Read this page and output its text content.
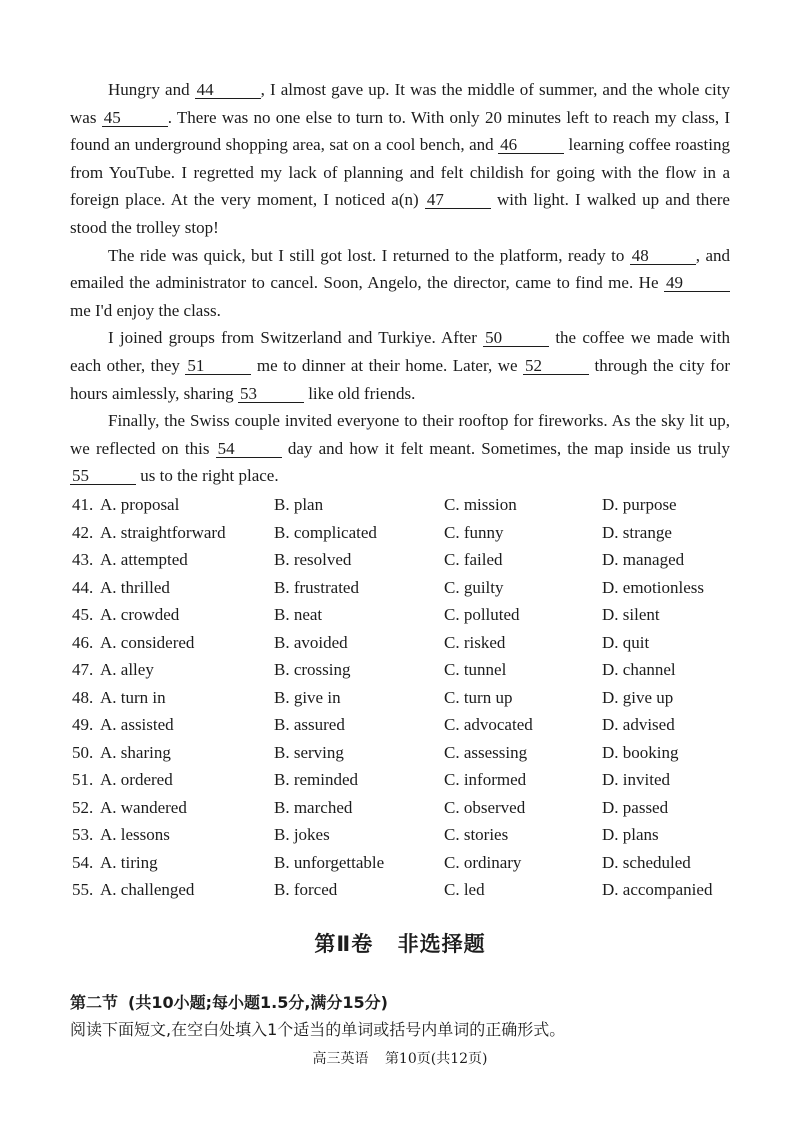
Hungry and 44	, I almost gave up. It was the middle of summer, and the whole city was 45	. There was no one else to turn to. With only 20 minutes left to reach my class, I found an underground shopping area, sat on a cool bench, and 46	learning coffee roasting from YouTube. I regretted my lack of planning and felt childish for going with the flow in a foreign place. At the very moment, I noticed a(n) 47	with light. I walked up and there stood the trolley stop!

The ride was quick, but I still got lost. I returned to the platform, ready to 48	, and emailed the administrator to cancel. Soon, Angelo, the director, came to find me. He 49 me I'd enjoy the class.

I joined groups from Switzerland and Turkiye. After 50	the coffee we made with each other, they 51	me to dinner at their home. Later, we 52	through the city for hours aimlessly, sharing 53	like old friends.

Finally, the Swiss couple invited everyone to their rooftop for fireworks. As the sky lit up, we reflected on this 54	day and how it felt meant. Sometimes, the map inside us truly 55	us to the right place.

41. A. proposal	B. plan	C. mission	D. purpose
42. A. straightforward	B. complicated	C. funny	D. strange
43. A. attempted	B. resolved	C. failed	D. managed
44. A. thrilled	B. frustrated	C. guilty	D. emotionless
45. A. crowded	B. neat	C. polluted	D. silent
46. A. considered	B. avoided	C. risked	D. quit
47. A. alley	B. crossing	C. tunnel	D. channel
48. A. turn in	B. give in	C. turn up	D. give up
49. A. assisted	B. assured	C. advocated	D. advised
50. A. sharing	B. serving	C. assessing	D. booking
51. A. ordered	B. reminded	C. informed	D. invited
52. A. wandered	B. marched	C. observed	D. passed
53. A. lessons	B. jokes	C. stories	D. plans
54. A. tiring	B. unforgettable	C. ordinary	D. scheduled
55. A. challenged	B. forced	C. led	D. accompanied
第Ⅱ卷 非选择题
第二节 (共10小题;每小题1.5分,满分15分)
阅读下面短文,在空白处填入1个适当的单词或括号内单词的正确形式。
高三英语 第10页(共12页)
